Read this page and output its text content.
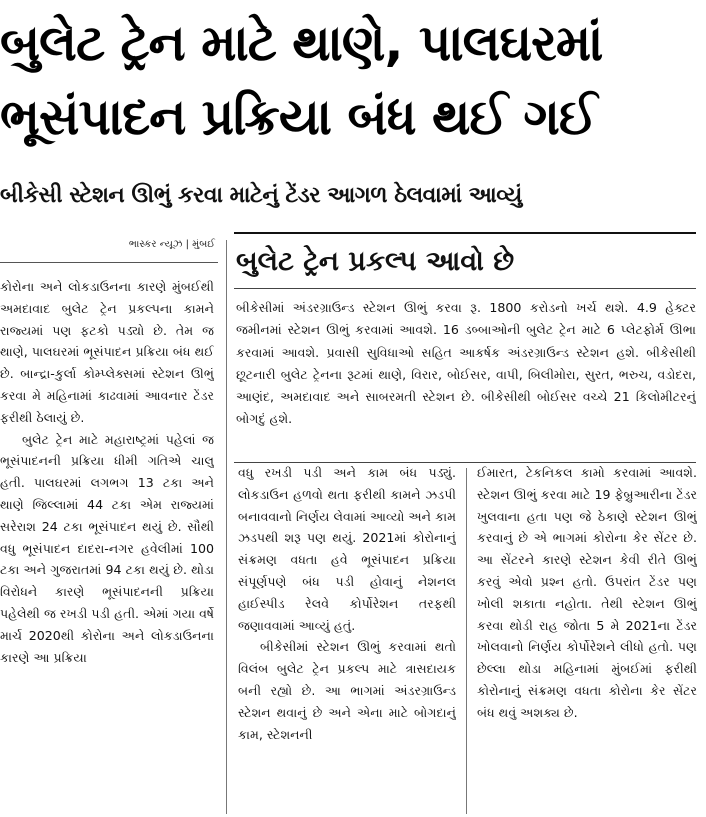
બુલેટ ટ્રેન માટે થાણે, પાલઘરમાં
ભૂસંપાદન પ્રક્રિયા બંધ થઈ ગઈ
બીકેસી સ્ટેશન ઊભું કરવા માટેનું ટેંડર આગળ ઠેલવામાં આવ્યું
ભાસ્કર ન્યૂઝ | મુંબઈ

કોરોના અને લોકડાઉનના કારણે મુંબઈથી અમદાવાદ બુલેટ ટ્રેન પ્રકલ્પના કામને રાજ્યમાં પણ ફટકો પડ્યો છે. તેમ જ થાણે, પાલઘરમાં ભૂસંપાદન પ્રક્રિયા બંધ થઈ છે. બાન્દ્રા-કુર્લા કોમ્પ્લેક્સમાં સ્ટેશન ઊભું કરવા મે મહિનામાં કાઢવામાં આવનાર ટેંડર ફરીથી ઠેલાયું છે.

બુલેટ ટ્રેન માટે મહારાષ્ટ્રમાં પહેલાં જ ભૂસંપાદનની પ્રક્રિયા ધીમી ગતિએ ચાલુ હતી. પાલઘરમાં લગભગ 13 ટકા અને થાણે જિલ્લામાં 44 ટકા એમ રાજ્યમાં સરેરાશ 24 ટકા ભૂસંપાદન થયું છે. સૌથી વધુ ભૂસંપાદન દાદરા-નગર હવેલીમાં 100 ટકા અને ગુજરાતમાં 94 ટકા થયું છે. થોડા વિરોધને કારણે ભૂસંપાદનની પ્રક્રિયા પહેલેથી જ રખડી પડી હતી. એમાં ગયા વર્ષે માર્ચ 2020થી કોરોના અને લોકડાઉનના કારણે આ પ્રક્રિયા

બુલેટ ટ્રેન પ્રકલ્પ આવો છે

બીકેસીમાં અંડરગ્રાઉન્ડ સ્ટેશન ઊભું કરવા રૂ. 1800 કરોડનો ખર્ચ થશે. 4.9 હેક્ટર જમીનમાં સ્ટેશન ઊભું કરવામાં આવશે. 16 ડબ્બાઓની બુલેટ ટ્રેન માટે 6 પ્લેટફોર્મ ઊભા કરવામાં આવશે. પ્રવાસી સુવિધાઓ સહિત આકર્ષક અંડરગ્રાઉન્ડ સ્ટેશન હશે. બીકેસીથી છૂટનારી બુલેટ ટ્રેનના રૂટમાં થાણે, વિરાર, બોઈસર, વાપી, બિલીમોરા, સુરત, ભરુચ, વડોદરા, આણંદ, અમદાવાદ અને સાબરમતી સ્ટેશન છે. બીકેસીથી બોઈસર વચ્ચે 21 કિલોમીટરનું બોગદું હશે.

વધુ રખડી પડી અને કામ બંધ પડ્યું. લોકડાઉન હળવો થતા ફરીથી કામને ઝડપી બનાવવાનો નિર્ણય લેવામાં આવ્યો અને કામ ઝડપથી શરૂ પણ થયું. 2021માં કોરોનાનું સંક્રમણ વધતા હવે ભૂસંપાદન પ્રક્રિયા સંપૂર્ણપણે બંધ પડી હોવાનું નેશનલ હાઈસ્પીડ રેલવે કોર્પોરેશન તરફથી જણાવવામાં આવ્યું હતું.

બીકેસીમાં સ્ટેશન ઊભું કરવામાં થતો વિલંબ બુલેટ ટ્રેન પ્રકલ્પ માટે ત્રાસદાયક બની રહ્યો છે. આ ભાગમાં અંડરગ્રાઉન્ડ સ્ટેશન થવાનું છે અને એના માટે બોગદાનું કામ, સ્ટેશનની

ઈમારત, ટેકનિકલ કામો કરવામાં આવશે. સ્ટેશન ઊભું કરવા માટે 19 ફેબ્રુઆરીના ટેંડર ખુલવાના હતા પણ જે ઠેકાણે સ્ટેશન ઊભું કરવાનું છે એ ભાગમાં કોરોના કેર સેંટર છે. આ સેંટરને કારણે સ્ટેશન કેવી રીતે ઊભું કરવું એવો પ્રશ્ન હતો. ઉપરાંત ટેંડર પણ ખોલી શકાતા નહોતા. તેથી સ્ટેશન ઊભું કરવા થોડી રાહ જોતા 5 મે 2021ના ટેંડર ખોલવાનો નિર્ણય કોર્પોરેશને લીધો હતો. પણ છેલ્લા થોડા મહિનામાં મુંબઈમાં ફરીથી કોરોનાનું સંક્રમણ વધતા કોરોના કેર સેંટર બંધ થવું અશક્ય છે.
